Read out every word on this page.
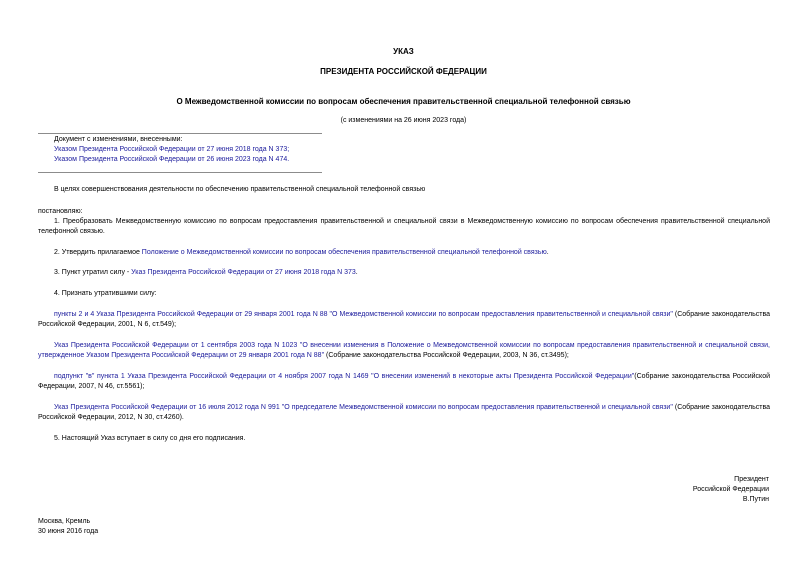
УКАЗ
ПРЕЗИДЕНТА РОССИЙСКОЙ ФЕДЕРАЦИИ
О Межведомственной комиссии по вопросам обеспечения правительственной специальной телефонной связью
(с изменениями на 26 июня 2023 года)

Документ с изменениями, внесенными:

Указом Президента Российской Федерации от 27 июня 2018 года N 373;

Указом Президента Российской Федерации от 26 июня 2023 года N 474.

В целях совершенствования деятельности по обеспечению правительственной специальной телефонной связью
постановляю:
1. Преобразовать Межведомственную комиссию по вопросам предоставления правительственной и специальной связи в Межведомственную комиссию по вопросам обеспечения правительственной специальной телефонной связью.
2. Утвердить прилагаемое Положение о Межведомственной комиссии по вопросам обеспечения правительственной специальной телефонной связью.
3. Пункт утратил силу - Указ Президента Российской Федерации от 27 июня 2018 года N 373.
4. Признать утратившими силу:
пункты 2 и 4 Указа Президента Российской Федерации от 29 января 2001 года N 88 "О Межведомственной комиссии по вопросам предоставления правительственной и специальной связи" (Собрание законодательства Российской Федерации, 2001, N 6, ст.549);
Указ Президента Российской Федерации от 1 сентября 2003 года N 1023 "О внесении изменения в Положение о Межведомственной комиссии по вопросам предоставления правительственной и специальной связи, утвержденное Указом Президента Российской Федерации от 29 января 2001 года N 88" (Собрание законодательства Российской Федерации, 2003, N 36, ст.3495);
подпункт "в" пункта 1 Указа Президента Российской Федерации от 4 ноября 2007 года N 1469 "О внесении изменений в некоторые акты Президента Российской Федерации"(Собрание законодательства Российской Федерации, 2007, N 46, ст.5561);
Указ Президента Российской Федерации от 16 июля 2012 года N 991 "О председателе Межведомственной комиссии по вопросам предоставления правительственной и специальной связи" (Собрание законодательства Российской Федерации, 2012, N 30, ст.4260).
5. Настоящий Указ вступает в силу со дня его подписания.

Президент

Российской Федерации

В.Путин

Москва, Кремль

30 июня 2016 года
